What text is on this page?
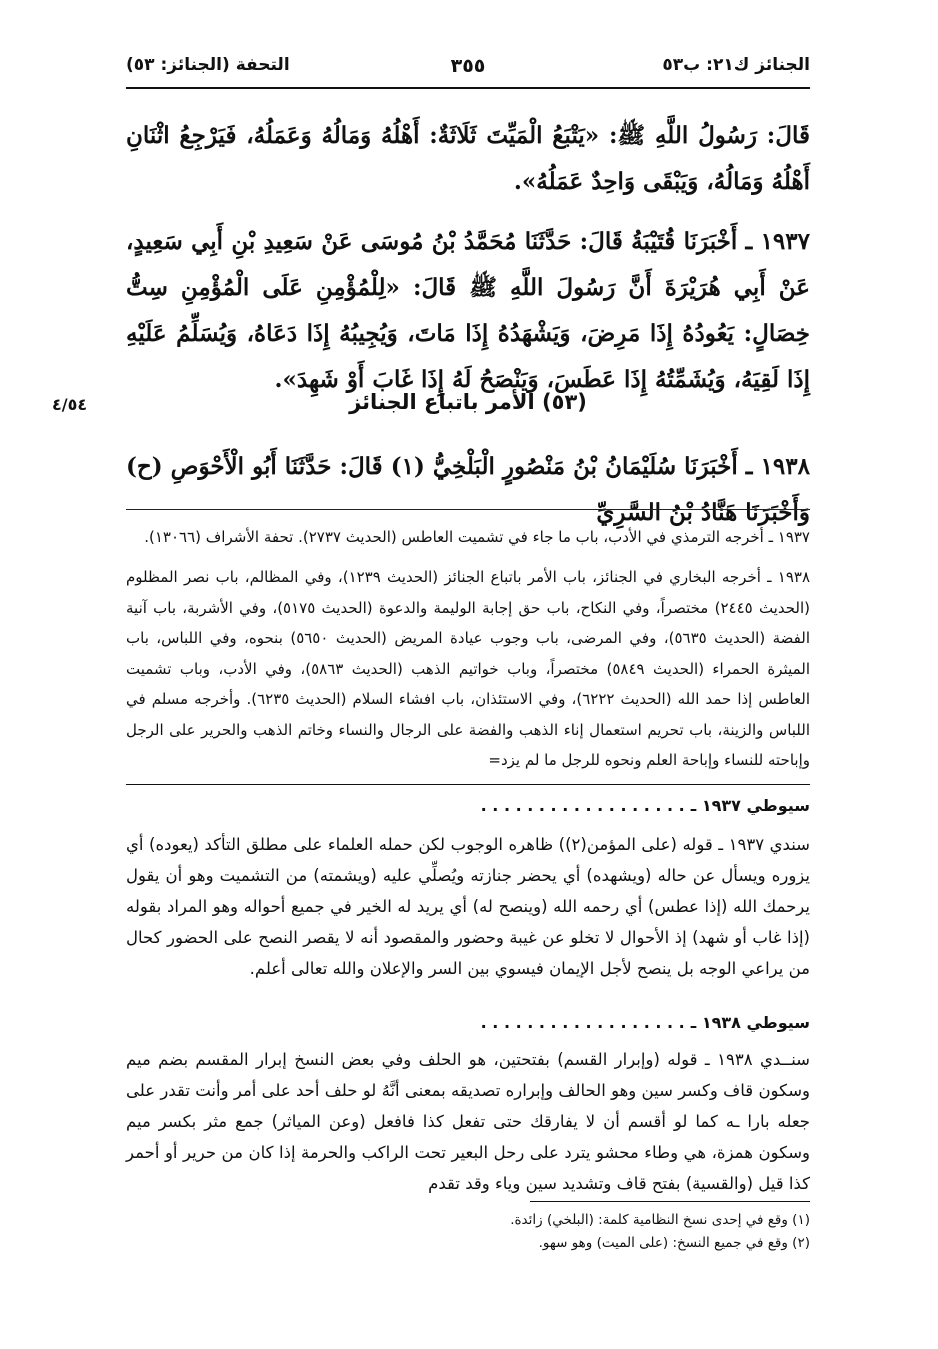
الجنائز ك٢١: ب٥٣
٣٥٥
التحفة (الجنائز: ٥٣)
قَالَ: رَسُولُ اللَّهِ ﷺ: «يَتْبَعُ الْمَيِّتَ ثَلَاثَةٌ: أَهْلُهُ وَمَالُهُ وَعَمَلُهُ، فَيَرْجِعُ اثْنَانِ أَهْلُهُ وَمَالُهُ، وَيَبْقَى وَاحِدٌ عَمَلُهُ».
١٩٣٧ ـ أَخْبَرَنَا قُتَيْبَةُ قَالَ: حَدَّثَنَا مُحَمَّدُ بْنُ مُوسَى عَنْ سَعِيدِ بْنِ أَبِي سَعِيدٍ، عَنْ أَبِي هُرَيْرَةَ أَنَّ رَسُولَ اللَّهِ ﷺ قَالَ: «لِلْمُؤْمِنِ عَلَى الْمُؤْمِنِ سِتُّ خِصَالٍ: يَعُودُهُ إِذَا مَرِضَ، وَيَشْهَدُهُ إِذَا مَاتَ، وَيُجِيبُهُ إِذَا دَعَاهُ، وَيُسَلِّمُ عَلَيْهِ إِذَا لَقِيَهُ، وَيُشَمِّتُهُ إِذَا عَطَسَ، وَيَنْصَحُ لَهُ إِذَا غَابَ أَوْ شَهِدَ».
(٥٣) الأمر باتباع الجنائز
٤/٥٤
١٩٣٨ ـ أَخْبَرَنَا سُلَيْمَانُ بْنُ مَنْصُورٍ الْبَلْخِيُّ (١) قَالَ: حَدَّثَنَا أَبُو الْأَحْوَصِ (ح) وَأَخْبَرَنَا هَنَّادُ بْنُ السَّرِيِّ
١٩٣٧ ـ أخرجه الترمذي في الأدب، باب ما جاء في تشميت العاطس (الحديث ٢٧٣٧). تحفة الأشراف (١٣٠٦٦).
١٩٣٨ ـ أخرجه البخاري في الجنائز، باب الأمر باتباع الجنائز (الحديث ١٢٣٩)، وفي المظالم، باب نصر المظلوم (الحديث ٢٤٤٥) مختصراً، وفي النكاح، باب حق إجابة الوليمة والدعوة (الحديث ٥١٧٥)، وفي الأشربة، باب آنية الفضة (الحديث ٥٦٣٥)، وفي المرضى، باب وجوب عيادة المريض (الحديث ٥٦٥٠) بنحوه، وفي اللباس، باب الميثرة الحمراء (الحديث ٥٨٤٩) مختصراً، وباب خواتيم الذهب (الحديث ٥٨٦٣)، وفي الأدب، وباب تشميت العاطس إذا حمد الله (الحديث ٦٢٢٢)، وفي الاستئذان، باب افشاء السلام (الحديث ٦٢٣٥). وأخرجه مسلم في اللباس والزينة، باب تحريم استعمال إناء الذهب والفضة على الرجال والنساء وخاتم الذهب والحرير على الرجل وإباحته للنساء وإباحة العلم ونحوه للرجل ما لم يزد=
سيوطي ١٩٣٧ ـ. . . . . . . . . . . . . . . . . .
سندي ١٩٣٧ ـ قوله (على المؤمن(٢)) ظاهره الوجوب لكن حمله العلماء على مطلق التأكد (يعوده) أي يزوره ويسأل عن حاله (ويشهده) أي يحضر جنازته ويُصلِّي عليه (ويشمته) من التشميت وهو أن يقول يرحمك الله (إذا عطس) أي رحمه الله (وينصح له) أي يريد له الخير في جميع أحواله وهو المراد بقوله (إذا غاب أو شهد) إذ الأحوال لا تخلو عن غيبة وحضور والمقصود أنه لا يقصر النصح على الحضور كحال من يراعي الوجه بل ينصح لأجل الإيمان فيسوي بين السر والإعلان والله تعالى أعلم.
سيوطي ١٩٣٨ ـ. . . . . . . . . . . . . . . . . .
سنــدي ١٩٣٨ ـ قوله (وإبرار القسم) بفتحتين، هو الحلف وفي بعض النسخ إبرار المقسم بضم ميم وسكون قاف وكسر سين وهو الحالف وإبراره تصديقه بمعنى أنَّهُ لو حلف أحد على أمر وأنت تقدر على جعله بارا ـه كما لو أقسم أن لا يفارقك حتى تفعل كذا فافعل (وعن المياثر) جمع مثر بكسر ميم وسكون همزة، هي وطاء محشو يترد على رحل البعير تحت الراكب والحرمة إذا كان من حرير أو أحمر كذا قيل (والقسية) بفتح قاف وتشديد سين وياء وقد تقدم
(١) وقع في إحدى نسخ النظامية كلمة: (البلخي) زائدة.
(٢) وقع في جميع النسخ: (على الميت) وهو سهو.
